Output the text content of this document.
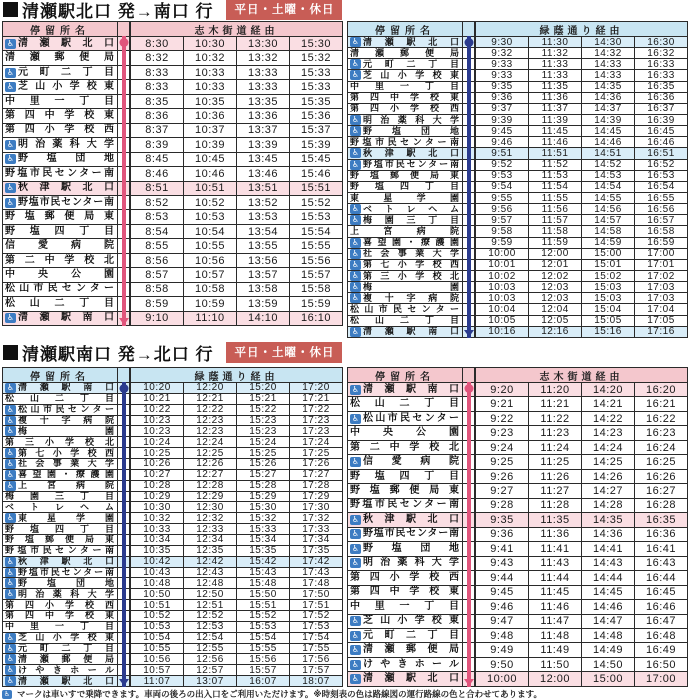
清瀬駅北口 発→南口 行	平日・土曜・休日
停留所名	志木街道経由
♿ 清瀬駅北口	8:30	10:30	13:30	15:30
清瀬郵便局	8:32	10:32	13:32	15:32
♿ 元町二丁目	8:33	10:33	13:33	15:33
♿ 芝山小学校東	8:33	10:33	13:33	15:33
中里一丁目	8:35	10:35	13:35	15:35
第四中学校東	8:36	10:36	13:36	15:36
第四小学校西	8:37	10:37	13:37	15:37
♿ 明治薬科大学	8:39	10:39	13:39	15:39
♿ 野塩団地	8:45	10:45	13:45	15:45
野塩市民センター南	8:46	10:46	13:46	15:46
♿ 秋津駅北口	8:51	10:51	13:51	15:51
♿ 野塩市民センター南	8:52	10:52	13:52	15:52
野塩郵便局東	8:53	10:53	13:53	15:53
野塩四丁目	8:54	10:54	13:54	15:54
信愛病院	8:55	10:55	13:55	15:55
第二中学校北	8:56	10:56	13:56	15:56
中央公園	8:57	10:57	13:57	15:57
松山市民センター	8:58	10:58	13:58	15:58
松山二丁目	8:59	10:59	13:59	15:59
♿ 清瀬駅南口	9:10	11:10	14:10	16:10
停留所名	緑蔭通り経由
♿ 清瀬駅北口	9:30	11:30	14:30	16:30
清瀬郵便局	9:32	11:32	14:32	16:32
♿ 元町二丁目	9:33	11:33	14:33	16:33
♿ 芝山小学校東	9:33	11:33	14:33	16:33
中里一丁目	9:35	11:35	14:35	16:35
第四中学校東	9:36	11:36	14:36	16:36
第四小学校西	9:37	11:37	14:37	16:37
♿ 明治薬科大学	9:39	11:39	14:39	16:39
♿ 野塩団地	9:45	11:45	14:45	16:45
野塩市民センター南	9:46	11:46	14:46	16:46
♿ 秋津駅北口	9:51	11:51	14:51	16:51
♿ 野塩市民センター南	9:52	11:52	14:52	16:52
野塩郵便局東	9:53	11:53	14:53	16:53
野塩四丁目	9:54	11:54	14:54	16:54
東星学園	9:55	11:55	14:55	16:55
♿ ベトレヘム	9:56	11:56	14:56	16:56
♿ 梅園三丁目	9:57	11:57	14:57	16:57
上宮病院	9:58	11:58	14:58	16:58
♿ 喜望園・療護園	9:59	11:59	14:59	16:59
♿ 社会事業大学	10:00	12:00	15:00	17:00
♿ 第七小学校西	10:01	12:01	15:01	17:01
♿ 第三小学校北	10:02	12:02	15:02	17:02
♿ 梅園	10:03	12:03	15:03	17:03
♿ 複十字病院	10:03	12:03	15:03	17:03
松山市民センター	10:04	12:04	15:04	17:04
松山二丁目	10:05	12:05	15:05	17:05
♿ 清瀬駅南口	10:16	12:16	15:16	17:16
清瀬駅南口 発→北口 行	平日・土曜・休日
停留所名	緑蔭通り経由
♿ 清瀬駅南口	10:20	12:20	15:20	17:20
松山二丁目	10:21	12:21	15:21	17:21
♿ 松山市民センター	10:22	12:22	15:22	17:22
♿ 複十字病院	10:23	12:23	15:23	17:23
♿ 梅園	10:23	12:23	15:23	17:23
第三小学校北	10:24	12:24	15:24	17:24
♿ 第七小学校西	10:25	12:25	15:25	17:25
♿ 社会事業大学	10:26	12:26	15:26	17:26
♿ 喜望園・療護園	10:27	12:27	15:27	17:27
♿ 上宮病院	10:28	12:28	15:28	17:28
梅園三丁目	10:29	12:29	15:29	17:29
ベトレヘム	10:30	12:30	15:30	17:30
♿ 東星学園	10:32	12:32	15:32	17:32
野塩四丁目	10:33	12:33	15:33	17:33
野塩郵便局東	10:34	12:34	15:34	17:34
野塩市民センター南	10:35	12:35	15:35	17:35
♿ 秋津駅北口	10:42	12:42	15:42	17:42
♿ 野塩市民センター南	10:43	12:43	15:43	17:43
♿ 野塩団地	10:48	12:48	15:48	17:48
♿ 明治薬科大学	10:50	12:50	15:50	17:50
第四小学校西	10:51	12:51	15:51	17:51
第四中学校東	10:52	12:52	15:52	17:52
中里一丁目	10:53	12:53	15:53	17:53
♿ 芝山小学校東	10:54	12:54	15:54	17:54
♿ 元町二丁目	10:55	12:55	15:55	17:55
♿ 清瀬郵便局	10:56	12:56	15:56	17:56
♿ けやきホール	10:57	12:57	15:57	17:57
♿ 清瀬駅北口	11:07	13:07	16:07	18:07
停留所名	志木街道経由
♿ 清瀬駅南口	9:20	11:20	14:20	16:20
松山二丁目	9:21	11:21	14:21	16:21
♿ 松山市民センター	9:22	11:22	14:22	16:22
中央公園	9:23	11:23	14:23	16:23
第二中学校北	9:24	11:24	14:24	16:24
♿ 信愛病院	9:25	11:25	14:25	16:25
野塩四丁目	9:26	11:26	14:26	16:26
野塩郵便局東	9:27	11:27	14:27	16:27
野塩市民センター南	9:28	11:28	14:28	16:28
♿ 秋津駅北口	9:35	11:35	14:35	16:35
♿ 野塩市民センター南	9:36	11:36	14:36	16:36
♿ 野塩団地	9:41	11:41	14:41	16:41
♿ 明治薬科大学	9:43	11:43	14:43	16:43
第四小学校西	9:44	11:44	14:44	16:44
第四中学校東	9:45	11:45	14:45	16:45
中里一丁目	9:46	11:46	14:46	16:46
♿ 芝山小学校東	9:47	11:47	14:47	16:47
♿ 元町二丁目	9:48	11:48	14:48	16:48
♿ 清瀬郵便局	9:49	11:49	14:49	16:49
♿ けやきホール	9:50	11:50	14:50	16:50
♿ 清瀬駅北口	10:00	12:00	15:00	17:00
♿ マークは車いすで乗降できます。車両の後ろの出入口をご利用いただけます。※時刻表の色は路線図の運行路線の色と合わせてあります。
